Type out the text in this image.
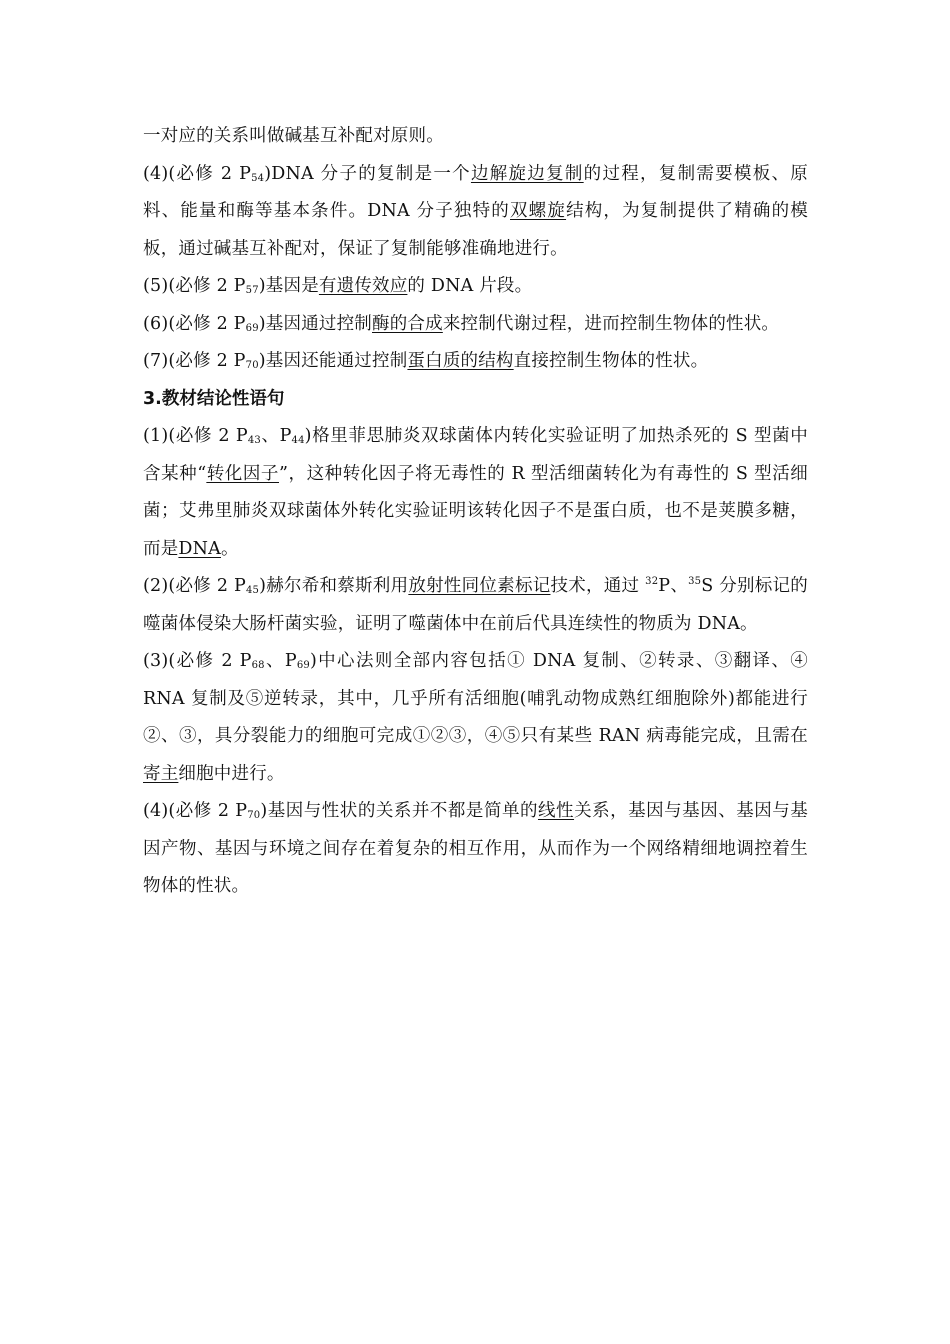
一对应的关系叫做碱基互补配对原则。

(4)(必修 2 $P_{54})DNA$ 分子的复制是一个边解旋边复制的过程，复制需要模板、原料、能量和酶等基本条件。DNA 分子独特的双螺旋结构，为复制提供了精确的模板，通过碱基互补配对，保证了复制能够准确地进行。

(5)(必修 2 $P_{57}$)基因是有遗传效应的 DNA 片段。

(6)(必修 2 $P_{69}$)基因通过控制酶的合成来控制代谢过程，进而控制生物体的性状。

(7)(必修 2 $P_{70}$)基因还能通过控制蛋白质的结构直接控制生物体的性状。

3.教材结论性语句

(1)(必修 2 $P_{43}$、$P_{44}$)格里菲思肺炎双球菌体内转化实验证明了加热杀死的 S 型菌中含某种“转化因子”，这种转化因子将无毒性的 R 型活细菌转化为有毒性的 S 型活细菌；艾弗里肺炎双球菌体外转化实验证明该转化因子不是蛋白质，也不是荚膜多糖，而是DNA。

(2)(必修 2 $P_{45}$)赫尔希和蔡斯利用放射性同位素标记技术，通过 $^{32}$P、$^{35}$S 分别标记的噬菌体侵染大肠杆菌实验，证明了噬菌体中在前后代具连续性的物质为 DNA。

(3)(必修 2 $P_{68}$、$P_{69}$)中心法则全部内容包括① DNA 复制、②转录、③翻译、④ RNA 复制及⑤逆转录，其中，几乎所有活细胞(哺乳动物成熟红细胞除外)都能进行②、③，具分裂能力的细胞可完成①②③，④⑤只有某些 RAN 病毒能完成，且需在寄主细胞中进行。

(4)(必修 2 $P_{70}$)基因与性状的关系并不都是简单的线性关系，基因与基因、基因与基因产物、基因与环境之间存在着复杂的相互作用，从而作为一个网络精细地调控着生物体的性状。
